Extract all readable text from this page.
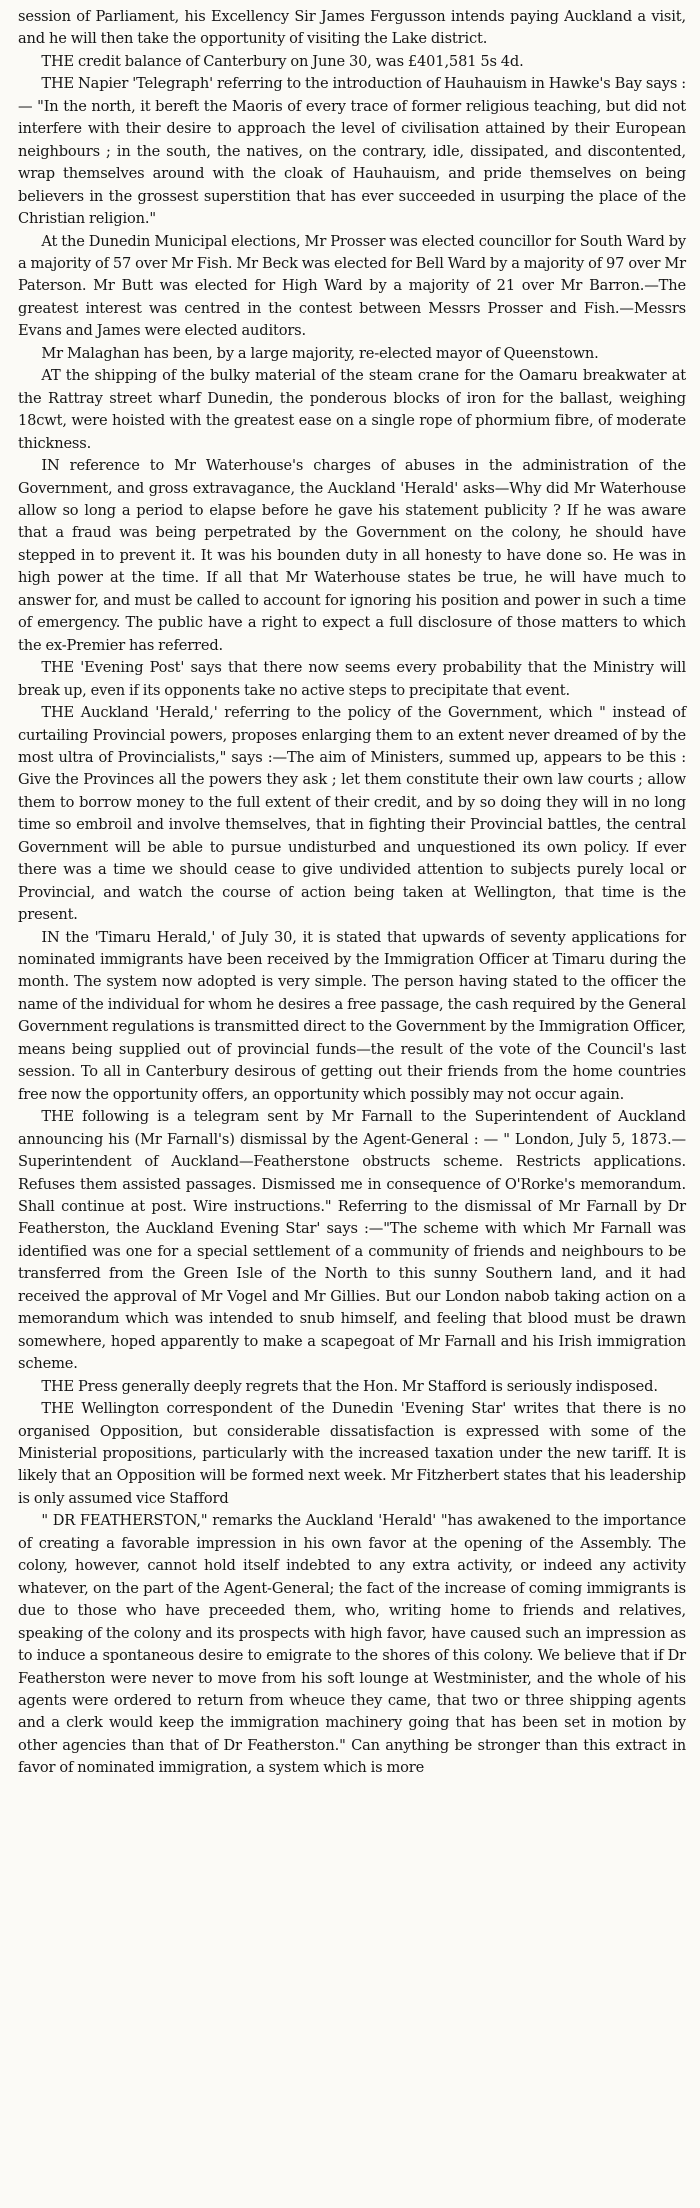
session of Parliament, his Excellency Sir James Fergusson intends paying Auckland a visit, and he will then take the opportunity of visiting the Lake district.

THE credit balance of Canterbury on June 30, was £401,581 5s 4d.

THE Napier 'Telegraph' referring to the introduction of Hauhauism in Hawke's Bay says : — "In the north, it bereft the Maoris of every trace of former religious teaching, but did not interfere with their desire to approach the level of civilisation attained by their European neighbours ; in the south, the natives, on the contrary, idle, dissipated, and discontented, wrap themselves around with the cloak of Hauhauism, and pride themselves on being believers in the grossest superstition that has ever succeeded in usurping the place of the Christian religion."

At the Dunedin Municipal elections, Mr Prosser was elected councillor for South Ward by a majority of 57 over Mr Fish. Mr Beck was elected for Bell Ward by a majority of 97 over Mr Paterson. Mr Butt was elected for High Ward by a majority of 21 over Mr Barron.—The greatest interest was centred in the contest between Messrs Prosser and Fish.—Messrs Evans and James were elected auditors.

Mr Malaghan has been, by a large majority, re-elected mayor of Queenstown.

AT the shipping of the bulky material of the steam crane for the Oamaru breakwater at the Rattray street wharf Dunedin, the ponderous blocks of iron for the ballast, weighing 18cwt, were hoisted with the greatest ease on a single rope of phormium fibre, of moderate thickness.

IN reference to Mr Waterhouse's charges of abuses in the administration of the Government, and gross extravagance, the Auckland 'Herald' asks—Why did Mr Waterhouse allow so long a period to elapse before he gave his statement publicity ? If he was aware that a fraud was being perpetrated by the Government on the colony, he should have stepped in to prevent it. It was his bounden duty in all honesty to have done so. He was in high power at the time. If all that Mr Waterhouse states be true, he will have much to answer for, and must be called to account for ignoring his position and power in such a time of emergency. The public have a right to expect a full disclosure of those matters to which the ex-Premier has referred.

THE 'Evening Post' says that there now seems every probability that the Ministry will break up, even if its opponents take no active steps to precipitate that event.

THE Auckland 'Herald,' referring to the policy of the Government, which " instead of curtailing Provincial powers, proposes enlarging them to an extent never dreamed of by the most ultra of Provincialists," says :—The aim of Ministers, summed up, appears to be this : Give the Provinces all the powers they ask ; let them constitute their own law courts ; allow them to borrow money to the full extent of their credit, and by so doing they will in no long time so embroil and involve themselves, that in fighting their Provincial battles, the central Government will be able to pursue undisturbed and unquestioned its own policy. If ever there was a time we should cease to give undivided attention to subjects purely local or Provincial, and watch the course of action being taken at Wellington, that time is the present.

IN the 'Timaru Herald,' of July 30, it is stated that upwards of seventy applications for nominated immigrants have been received by the Immigration Officer at Timaru during the month. The system now adopted is very simple. The person having stated to the officer the name of the individual for whom he desires a free passage, the cash required by the General Government regulations is transmitted direct to the Government by the Immigration Officer, means being supplied out of provincial funds—the result of the vote of the Council's last session. To all in Canterbury desirous of getting out their friends from the home countries free now the opportunity offers, an opportunity which possibly may not occur again.

THE following is a telegram sent by Mr Farnall to the Superintendent of Auckland announcing his (Mr Farnall's) dismissal by the Agent-General : — " London, July 5, 1873.—Superintendent of Auckland—Featherstone obstructs scheme. Restricts applications. Refuses them assisted passages. Dismissed me in consequence of O'Rorke's memorandum. Shall continue at post. Wire instructions." Referring to the dismissal of Mr Farnall by Dr Featherston, the Auckland Evening Star' says :—"The scheme with which Mr Farnall was identified was one for a special settlement of a community of friends and neighbours to be transferred from the Green Isle of the North to this sunny Southern land, and it had received the approval of Mr Vogel and Mr Gillies. But our London nabob taking action on a memorandum which was intended to snub himself, and feeling that blood must be drawn somewhere, hoped apparently to make a scapegoat of Mr Farnall and his Irish immigration scheme.

THE Press generally deeply regrets that the Hon. Mr Stafford is seriously indisposed.

THE Wellington correspondent of the Dunedin 'Evening Star' writes that there is no organised Opposition, but considerable dissatisfaction is expressed with some of the Ministerial propositions, particularly with the increased taxation under the new tariff. It is likely that an Opposition will be formed next week. Mr Fitzherbert states that his leadership is only assumed vice Stafford

" DR FEATHERSTON," remarks the Auckland 'Herald' "has awakened to the importance of creating a favorable impression in his own favor at the opening of the Assembly. The colony, however, cannot hold itself indebted to any extra activity, or indeed any activity whatever, on the part of the Agent-General; the fact of the increase of coming immigrants is due to those who have preceeded them, who, writing home to friends and relatives, speaking of the colony and its prospects with high favor, have caused such an impression as to induce a spontaneous desire to emigrate to the shores of this colony. We believe that if Dr Featherston were never to move from his soft lounge at Westminister, and the whole of his agents were ordered to return from wheuce they came, that two or three shipping agents and a clerk would keep the immigration machinery going that has been set in motion by other agencies than that of Dr Featherston." Can anything be stronger than this extract in favor of nominated immigration, a system which is more
